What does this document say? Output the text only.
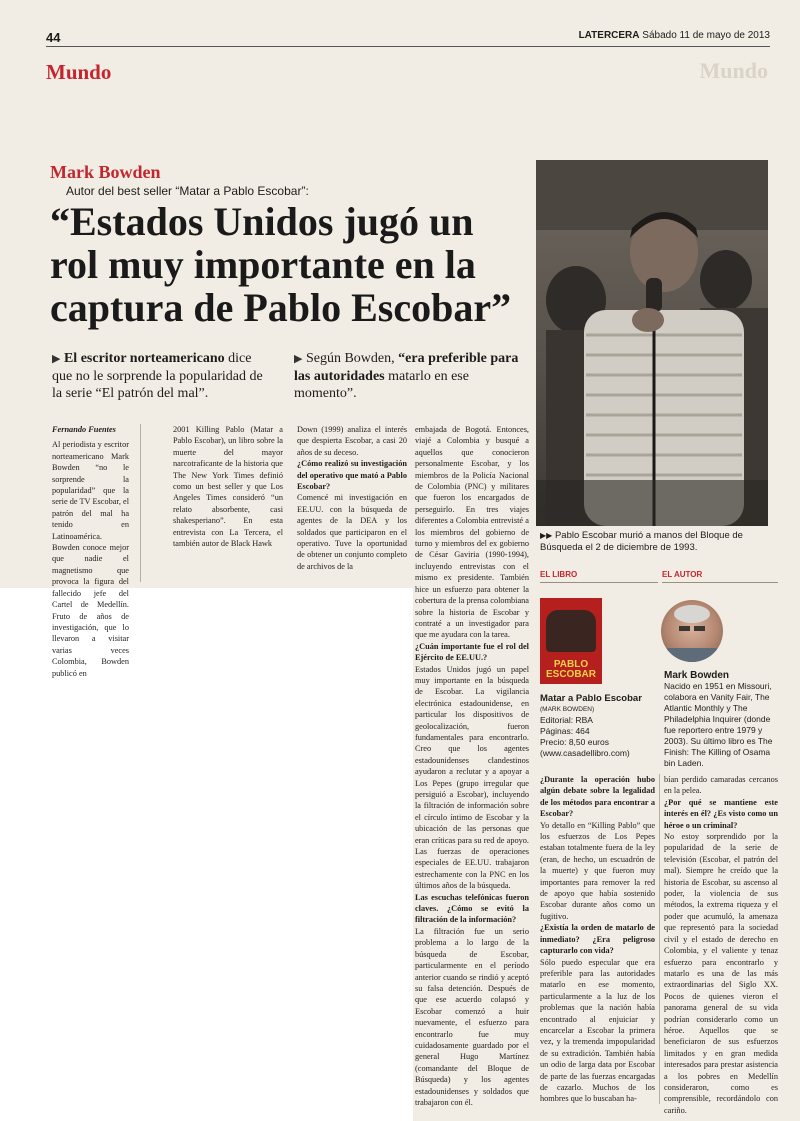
44	LATERCERA Sábado 11 de mayo de 2013
Mundo	Mundo
Mark Bowden
Autor del best seller “Matar a Pablo Escobar”:
“Estados Unidos jugó un rol muy importante en la captura de Pablo Escobar”
▶ El escritor norteamericano dice que no le sorprende la popularidad de la serie “El patrón del mal”.
▶ Según Bowden, “era preferible para las autoridades matarlo en ese momento”.

Fernando Fuentes

Al periodista y escritor norteamericano Mark Bowden “no le sorprende la popularidad” que la serie de TV Escobar, el patrón del mal ha tenido en Latinoamérica. Bowden conoce mejor que nadie el magnetismo que provoca la figura del fallecido jefe del Cartel de Medellín. Fruto de años de investigación, que lo llevaron a visitar varias veces Colombia, Bowden publicó en

2001 Killing Pablo (Matar a Pablo Escobar), un libro sobre la muerte del mayor narcotraficante de la historia que The New York Times definió como un best seller y que Los Angeles Times consideró “un relato absorbente, casi shakesperiano”. En esta entrevista con La Tercera, el también autor de Black Hawk

Down (1999) analiza el interés que despierta Escobar, a casi 20 años de su deceso.

¿Cómo realizó su investigación del operativo que mató a Pablo Escobar?

Comencé mi investigación en EE.UU. con la búsqueda de agentes de la DEA y los soldados que participaron en el operativo. Tuve la oportunidad de obtener un conjunto completo de archivos de la

embajada de Bogotá. Entonces, viajé a Colombia y busqué a aquellos que conocieron personalmente Escobar, y los miembros de la Policía Nacional de Colombia (PNC) y militares que fueron los encargados de perseguirlo. En tres viajes diferentes a Colombia entrevisté a los miembros del gobierno de turno y miembros del ex gobierno de César Gaviria (1990-1994), incluyendo entrevistas con el mismo ex presidente. También hice un esfuerzo para obtener la cobertura de la prensa colombiana sobre la historia de Escobar y contraté a un investigador para que me ayudara con la tarea.

¿Cuán importante fue el rol del Ejército de EE.UU.?

Estados Unidos jugó un papel muy importante en la búsqueda de Escobar. La vigilancia electrónica estadounidense, en particular los dispositivos de geolocalización, fueron fundamentales para encontrarlo. Creo que los agentes estadounidenses clandestinos ayudaron a reclutar y a apoyar a Los Pepes (grupo irregular que persiguió a Escobar), incluyendo la filtración de información sobre el círculo íntimo de Escobar y la ubicación de las personas que eran críticas para su red de apoyo. Las fuerzas de operaciones especiales de EE.UU. trabajaron estrechamente con la PNC en los últimos años de la búsqueda.

Las escuchas telefónicas fueron claves. ¿Cómo se evitó la filtración de la información?

La filtración fue un serio problema a lo largo de la búsqueda de Escobar, particularmente en el período anterior cuando se rindió y aceptó su falsa detención. Después de que ese acuerdo colapsó y Escobar comenzó a huir nuevamente, el esfuerzo para encontrarlo fue muy cuidadosamente guardado por el general Hugo Martínez (comandante del Bloque de Búsqueda) y los agentes estadounidenses y soldados que trabajaron con él.

▶▶ Pablo Escobar murió a manos del Bloque de Búsqueda el 2 de diciembre de 1993.
EL LIBRO
PABLO ESCOBAR
Matar a Pablo Escobar
(MARK BOWDEN)
Editorial: RBA
Páginas: 464
Precio: 8,50 euros
(www.casadellibro.com)
EL AUTOR
Mark Bowden
Nacido en 1951 en Missouri, colabora en Vanity Fair, The Atlantic Monthly y The Philadelphia Inquirer (donde fue reportero entre 1979 y 2003). Su último libro es The Finish: The Killing of Osama bin Laden.

¿Durante la operación hubo algún debate sobre la legalidad de los métodos para encontrar a Escobar?

Yo detallo en “Killing Pablo” que los esfuerzos de Los Pepes estaban totalmente fuera de la ley (eran, de hecho, un escuadrón de la muerte) y que fueron muy importantes para remover la red de apoyo que había sostenido Escobar durante años como un fugitivo.

¿Existía la orden de matarlo de inmediato? ¿Era peligroso capturarlo con vida?

Sólo puedo especular que era preferible para las autoridades matarlo en ese momento, particularmente a la luz de los problemas que la nación había encontrado al enjuiciar y encarcelar a Escobar la primera vez, y la tremenda impopularidad de su extradición. También había un odio de larga data por Escobar de parte de las fuerzas encargadas de cazarlo. Muchos de los hombres que lo buscaban ha-

bían perdido camaradas cercanos en la pelea.

¿Por qué se mantiene este interés en él? ¿Es visto como un héroe o un criminal?

No estoy sorprendido por la popularidad de la serie de televisión (Escobar, el patrón del mal). Siempre he creído que la historia de Escobar, su ascenso al poder, la violencia de sus métodos, la extrema riqueza y el poder que acumuló, la amenaza que representó para la sociedad civil y el estado de derecho en Colombia, y el valiente y tenaz esfuerzo para encontrarlo y matarlo es una de las más extraordinarias del Siglo XX. Pocos de quienes vieron el panorama general de su vida podrían considerarlo como un héroe. Aquellos que se beneficiaron de sus esfuerzos limitados y en gran medida interesados para prestar asistencia a los pobres en Medellín consideraron, como es comprensible, recordándolo con cariño.
